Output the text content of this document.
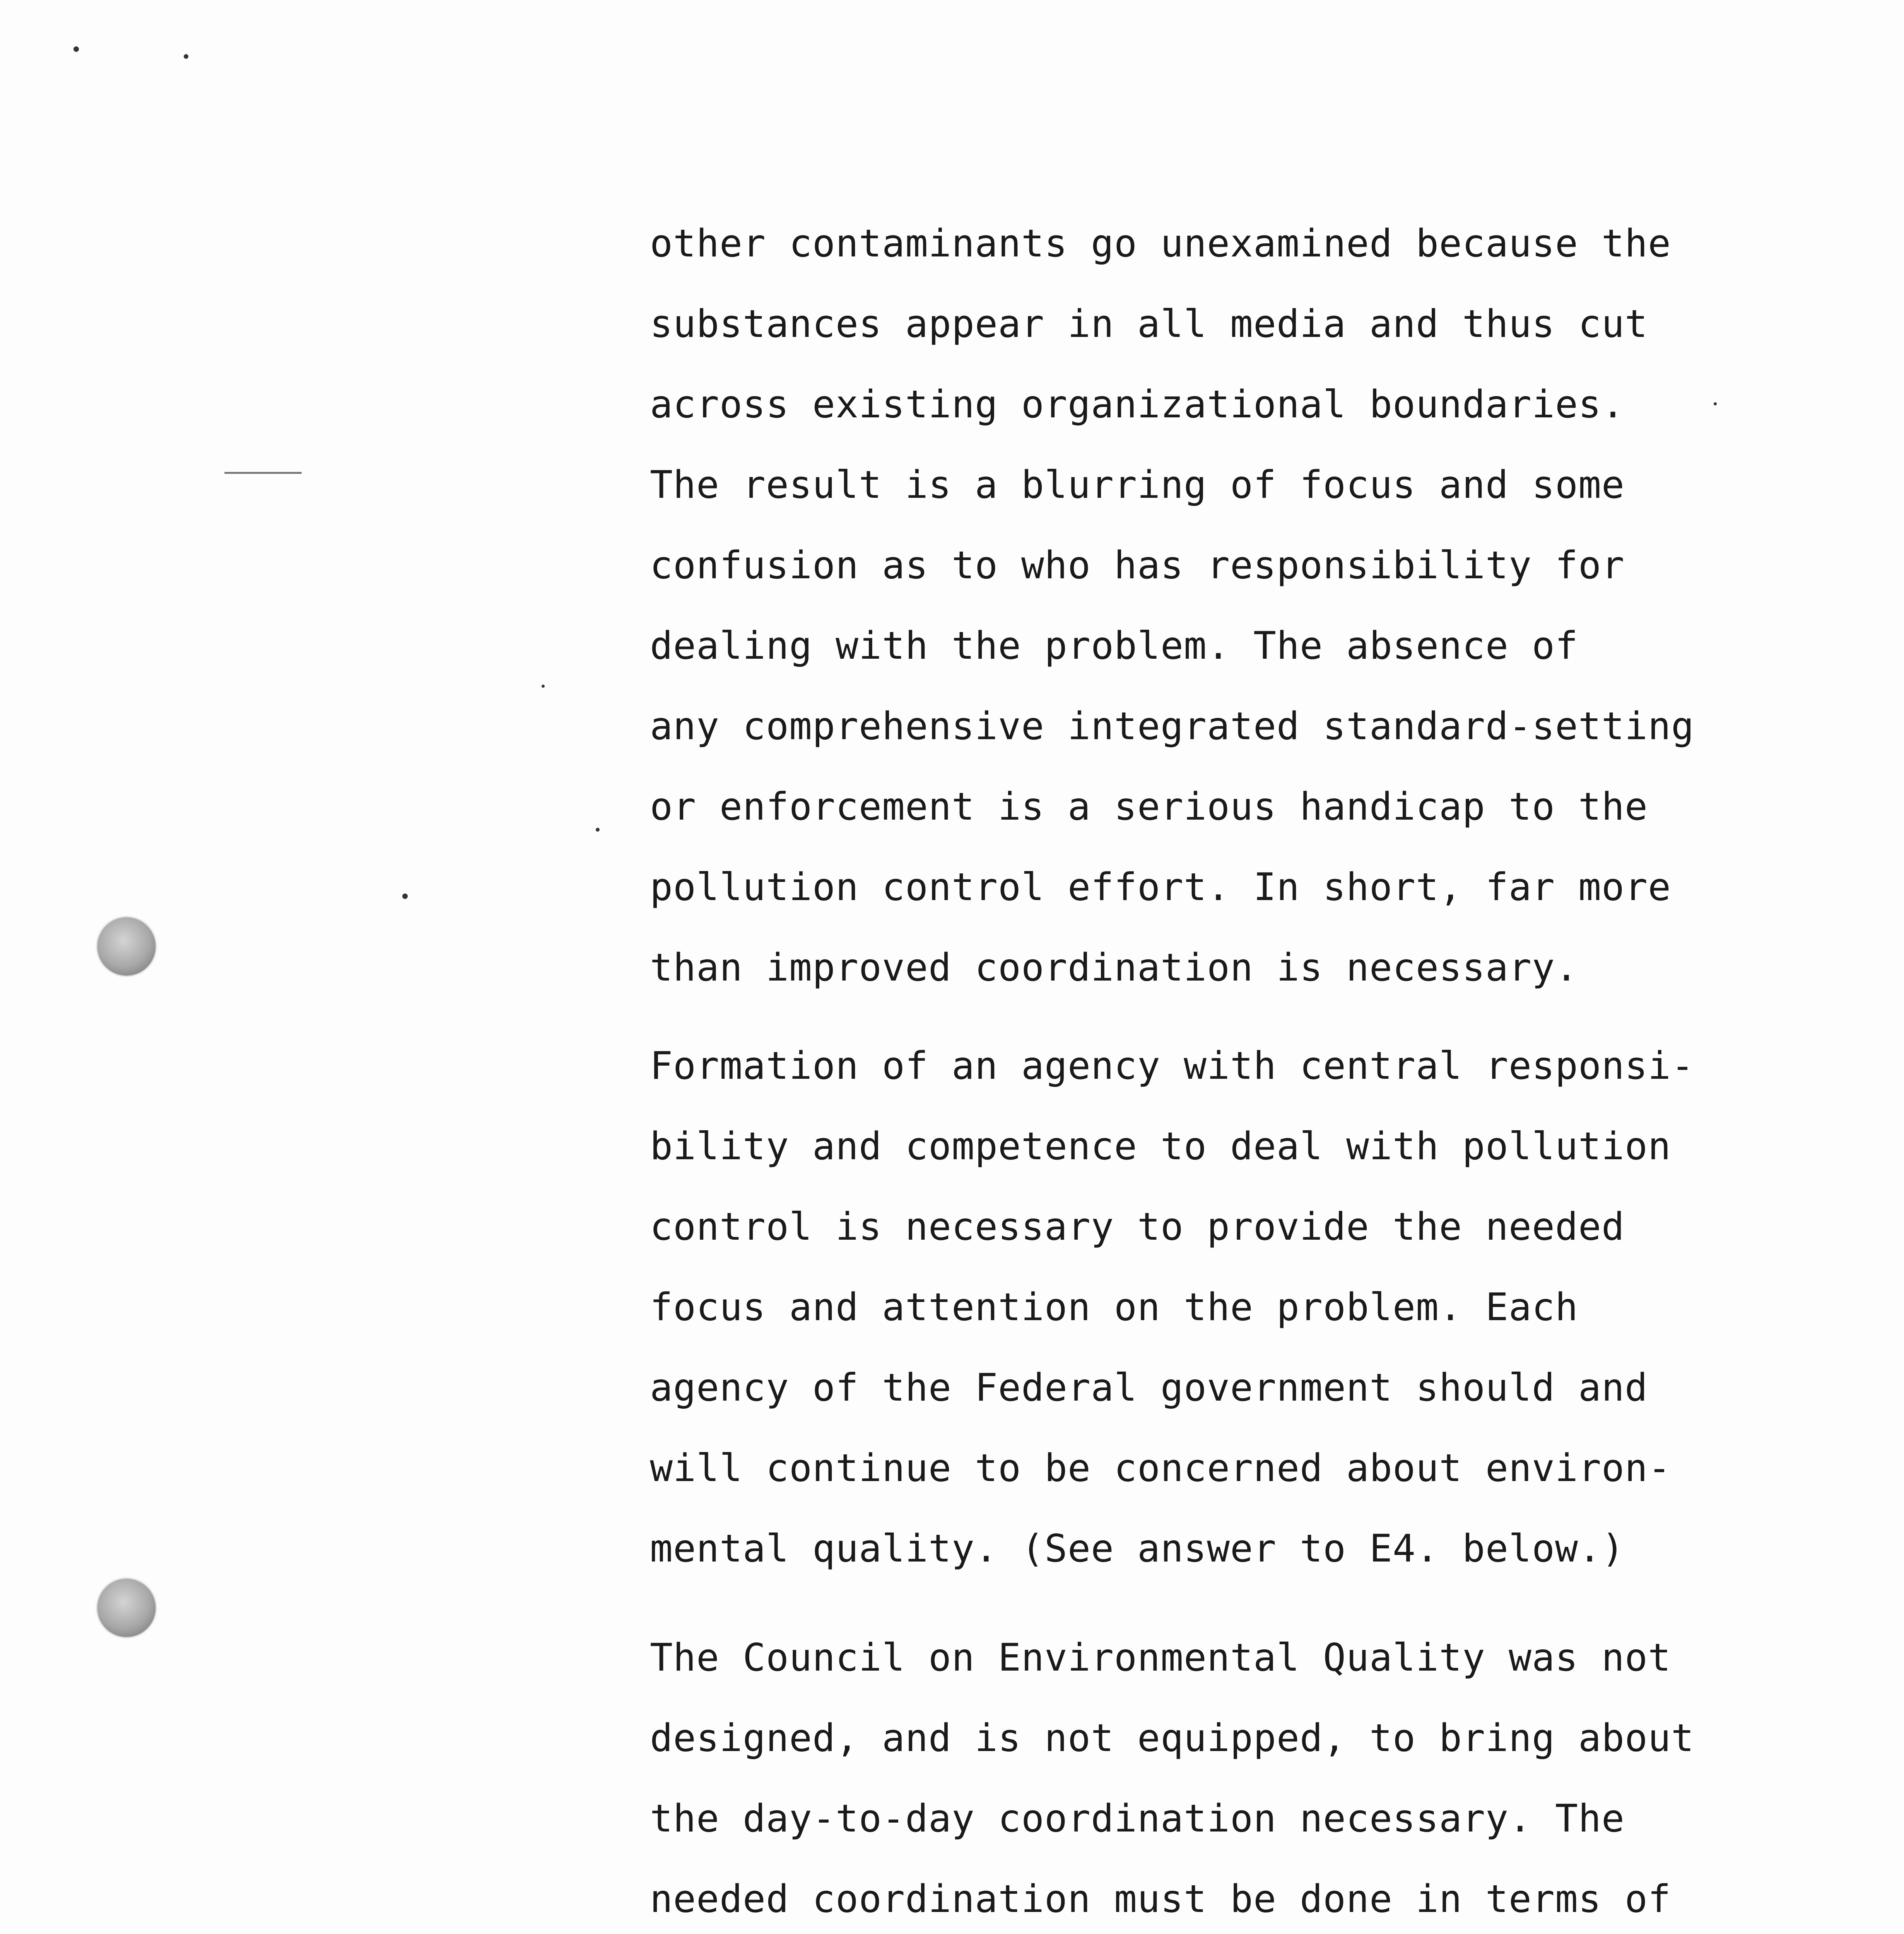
other contaminants go unexamined because the
substances appear in all media and thus cut
across existing organizational boundaries.
The result is a blurring of focus and some
confusion as to who has responsibility for
dealing with the problem. The absence of
any comprehensive integrated standard-setting
or enforcement is a serious handicap to the
pollution control effort. In short, far more
than improved coordination is necessary.
Formation of an agency with central responsi-
bility and competence to deal with pollution
control is necessary to provide the needed
focus and attention on the problem. Each
agency of the Federal government should and
will continue to be concerned about environ-
mental quality. (See answer to E4. below.)
The Council on Environmental Quality was not
designed, and is not equipped, to bring about
the day-to-day coordination necessary. The
needed coordination must be done in terms of
